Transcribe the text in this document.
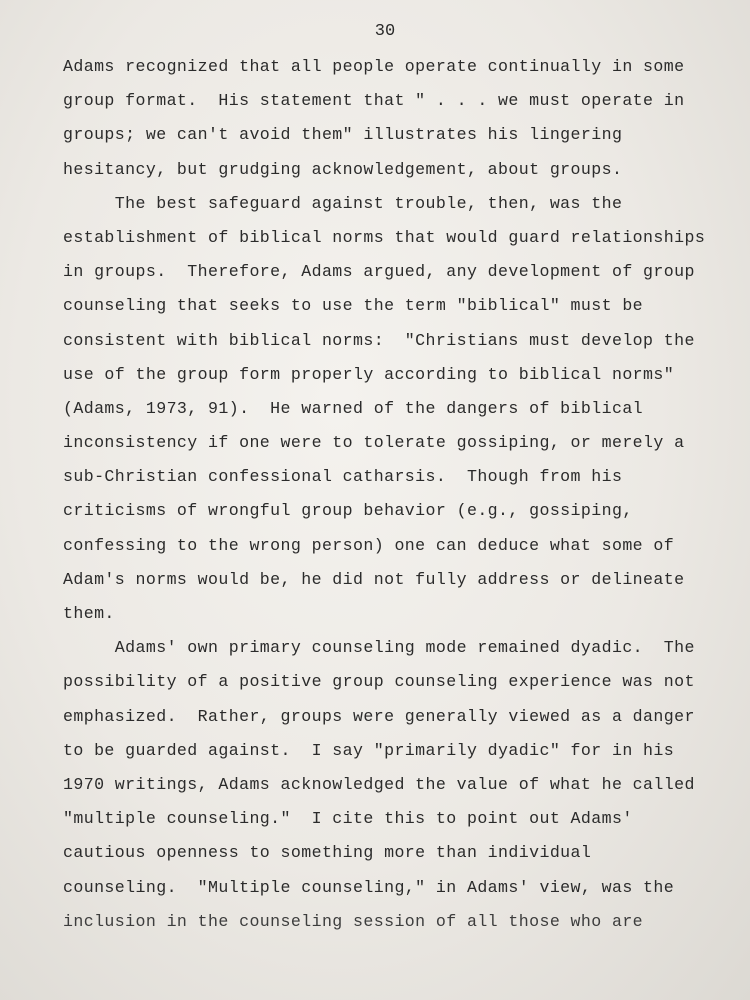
30
Adams recognized that all people operate continually in some
group format.  His statement that " . . . we must operate in
groups; we can't avoid them" illustrates his lingering
hesitancy, but grudging acknowledgement, about groups.
The best safeguard against trouble, then, was the
establishment of biblical norms that would guard relationships
in groups.  Therefore, Adams argued, any development of group
counseling that seeks to use the term "biblical" must be
consistent with biblical norms:  "Christians must develop the
use of the group form properly according to biblical norms"
(Adams, 1973, 91).  He warned of the dangers of biblical
inconsistency if one were to tolerate gossiping, or merely a
sub-Christian confessional catharsis.  Though from his
criticisms of wrongful group behavior (e.g., gossiping,
confessing to the wrong person) one can deduce what some of
Adam's norms would be, he did not fully address or delineate
them.
Adams' own primary counseling mode remained dyadic.  The
possibility of a positive group counseling experience was not
emphasized.  Rather, groups were generally viewed as a danger
to be guarded against.  I say "primarily dyadic" for in his
1970 writings, Adams acknowledged the value of what he called
"multiple counseling."  I cite this to point out Adams'
cautious openness to something more than individual
counseling.  "Multiple counseling," in Adams' view, was the
inclusion in the counseling session of all those who are
